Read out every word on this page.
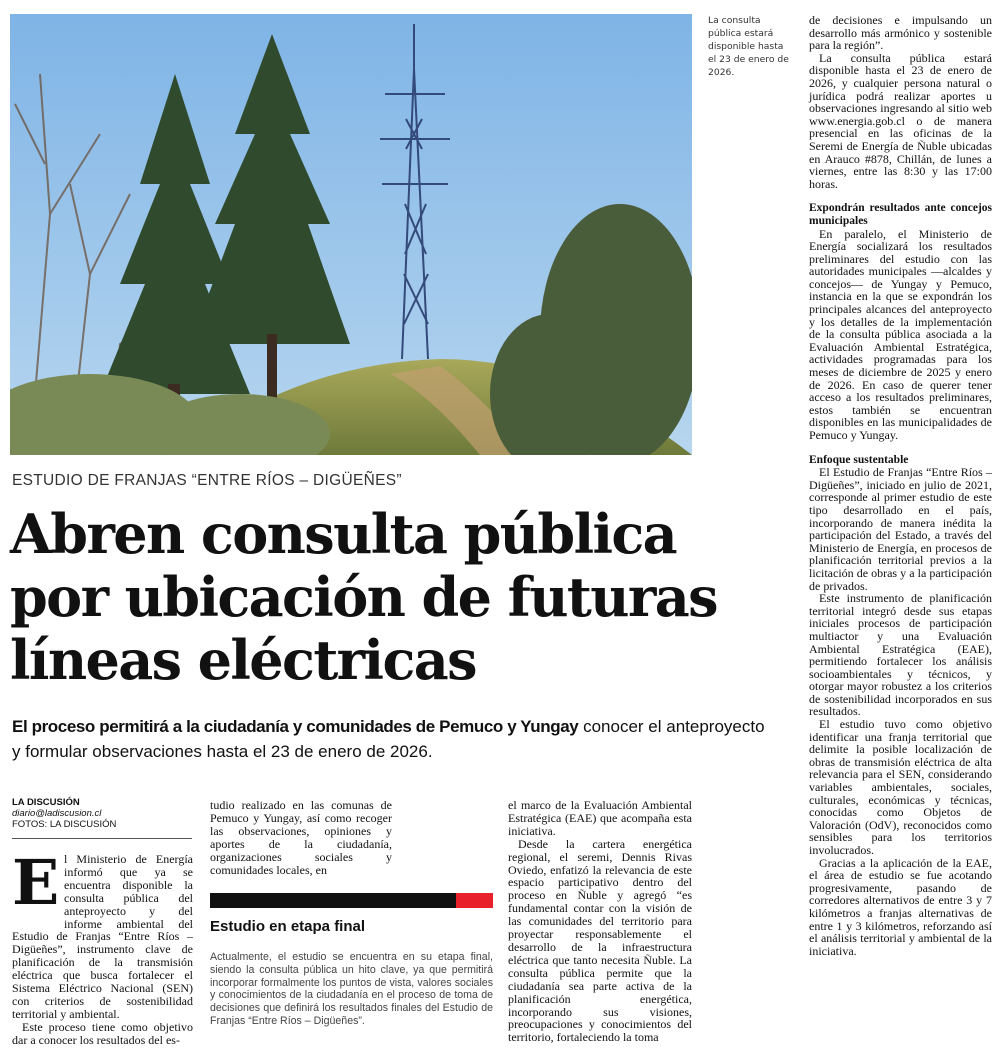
La consulta pública estará disponible hasta el 23 de enero de 2026.

de decisiones e impulsando un desarrollo más armónico y sostenible para la región”.

La consulta pública estará disponible hasta el 23 de enero de 2026, y cualquier persona natural o jurídica podrá realizar aportes u observaciones ingresando al sitio web www.energia.gob.cl o de manera presencial en las oficinas de la Seremi de Energía de Ñuble ubicadas en Arauco #878, Chillán, de lunes a viernes, entre las 8:30 y las 17:00 horas.

Expondrán resultados ante concejos municipales

En paralelo, el Ministerio de Energía socializará los resultados preliminares del estudio con las autoridades municipales —alcaldes y concejos— de Yungay y Pemuco, instancia en la que se expondrán los principales alcances del anteproyecto y los detalles de la implementación de la consulta pública asociada a la Evaluación Ambiental Estratégica, actividades programadas para los meses de diciembre de 2025 y enero de 2026. En caso de querer tener acceso a los resultados preliminares, estos también se encuentran disponibles en las municipalidades de Pemuco y Yungay.

Enfoque sustentable

El Estudio de Franjas “Entre Ríos – Digüeñes”, iniciado en julio de 2021, corresponde al primer estudio de este tipo desarrollado en el país, incorporando de manera inédita la participación del Estado, a través del Ministerio de Energía, en procesos de planificación territorial previos a la licitación de obras y a la participación de privados.

Este instrumento de planificación territorial integró desde sus etapas iniciales procesos de participación multiactor y una Evaluación Ambiental Estratégica (EAE), permitiendo fortalecer los análisis socioambientales y técnicos, y otorgar mayor robustez a los criterios de sostenibilidad incorporados en sus resultados.

El estudio tuvo como objetivo identificar una franja territorial que delimite la posible localización de obras de transmisión eléctrica de alta relevancia para el SEN, considerando variables ambientales, sociales, culturales, económicas y técnicas, conocidas como Objetos de Valoración (OdV), reconocidos como sensibles para los territorios involucrados.

Gracias a la aplicación de la EAE, el área de estudio se fue acotando progresivamente, pasando de corredores alternativos de entre 3 y 7 kilómetros a franjas alternativas de entre 1 y 3 kilómetros, reforzando así el análisis territorial y ambiental de la iniciativa.

ESTUDIO DE FRANJAS “ENTRE RÍOS – DIGÜEÑES”
Abren consulta pública
por ubicación de futuras
líneas eléctricas
El proceso permitirá a la ciudadanía y comunidades de Pemuco y Yungay conocer el anteproyecto y formular observaciones hasta el 23 de enero de 2026.
LA DISCUSIÓN
diario@ladiscusion.cl
FOTOS: LA DISCUSIÓN
E l Ministerio de Energía informó que ya se encuentra disponible la consulta pública del anteproyecto y del informe ambiental del Estudio de Franjas “Entre Ríos – Digüeñes”, instrumento clave de planificación de la transmisión eléctrica que busca fortalecer el Sistema Eléctrico Nacional (SEN) con criterios de sostenibilidad territorial y ambiental.

Este proceso tiene como objetivo dar a conocer los resultados del es-

tudio realizado en las comunas de Pemuco y Yungay, así como recoger las observaciones, opiniones y aportes de la ciudadanía, organizaciones sociales y comunidades locales, en

Estudio en etapa final
Actualmente, el estudio se encuentra en su etapa final, siendo la consulta pública un hito clave, ya que permitirá incorporar formalmente los puntos de vista, valores sociales y conocimientos de la ciudadanía en el proceso de toma de decisiones que definirá los resultados finales del Estudio de Franjas “Entre Ríos – Digüeñes”.

el marco de la Evaluación Ambiental Estratégica (EAE) que acompaña esta iniciativa.

Desde la cartera energética regional, el seremi, Dennis Rivas Oviedo, enfatizó la relevancia de este espacio participativo dentro del proceso en Ñuble y agregó “es fundamental contar con la visión de las comunidades del territorio para proyectar responsablemente el desarrollo de la infraestructura eléctrica que tanto necesita Ñuble. La consulta pública permite que la ciudadanía sea parte activa de la planificación energética, incorporando sus visiones, preocupaciones y conocimientos del territorio, fortaleciendo la toma
